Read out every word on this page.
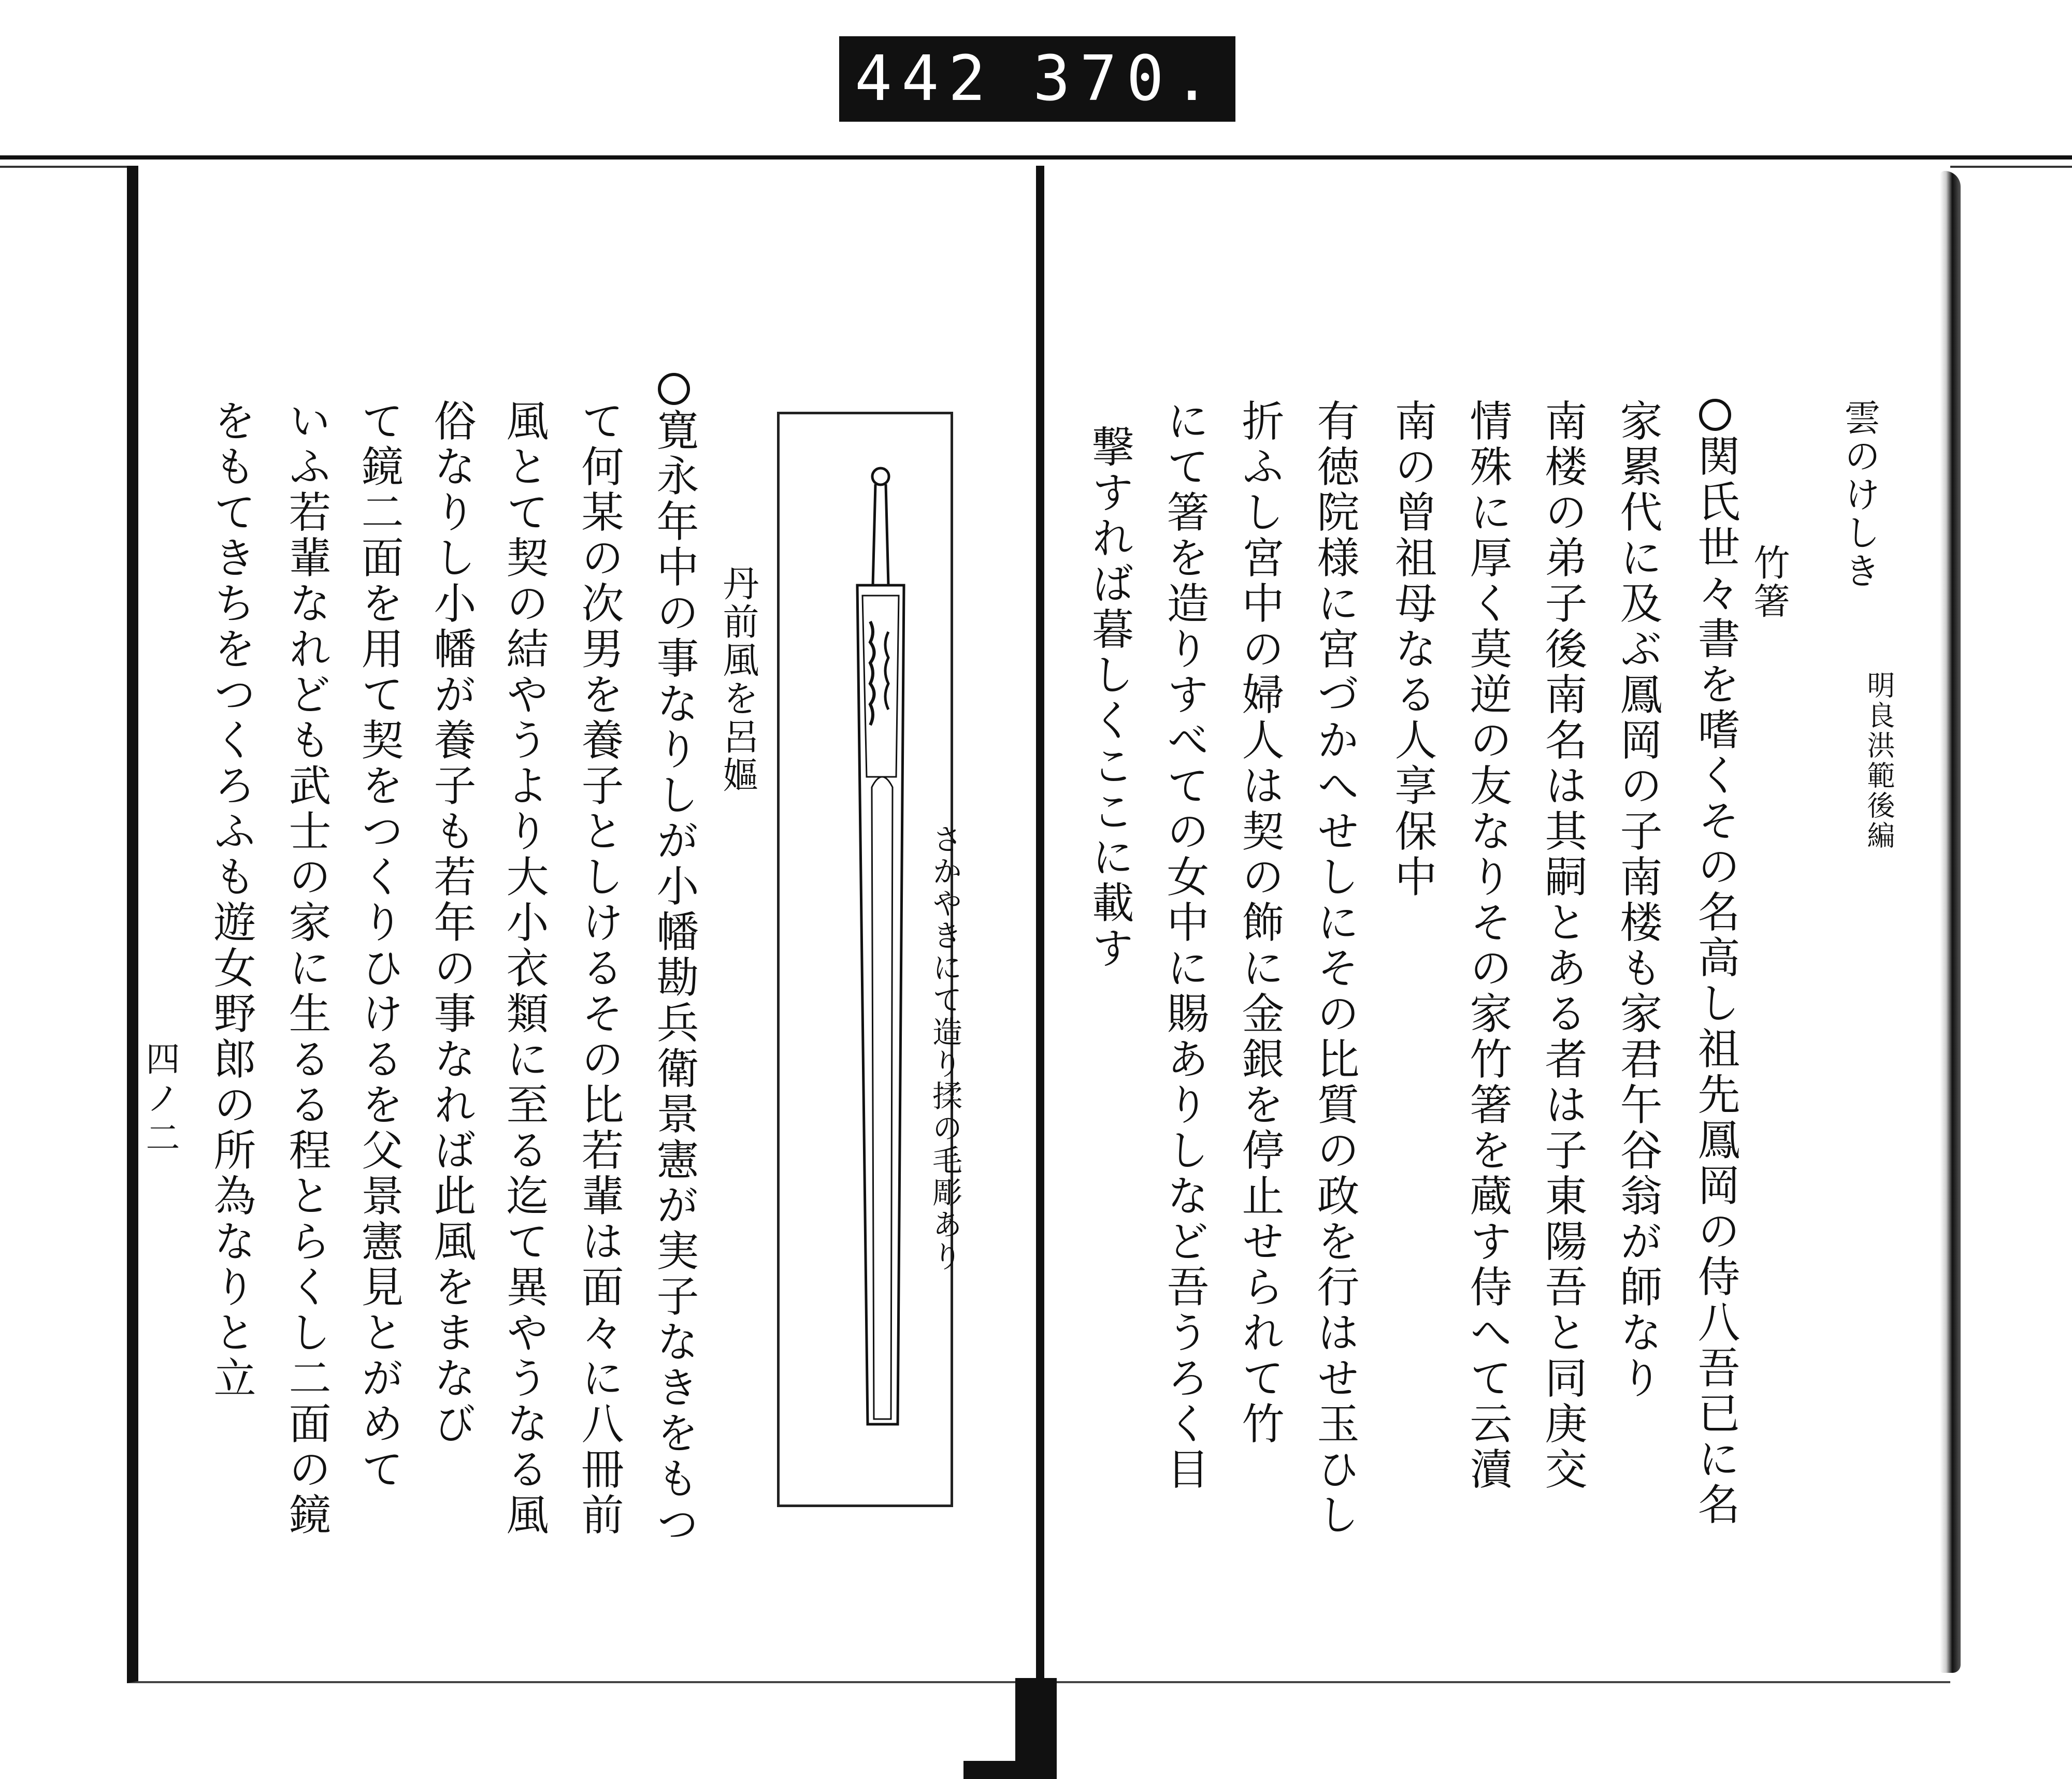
442 370.
雲のけしき
明良洪範後編
竹箸
関氏世々書を嗜くその名高し祖先鳳岡の侍八吾已に名
家累代に及ぶ鳳岡の子南楼も家君午谷翁が師なり
南楼の弟子後南名は其嗣とある者は子東陽吾と同庚交
情殊に厚く莫逆の友なりその家竹箸を蔵す侍へて云瀆
南の曾祖母なる人享保中
有徳院様に宮づかへせしにその比質の政を行はせ玉ひし
折ふし宮中の婦人は契の飾に金銀を停止せられて竹
にて箸を造りすべての女中に賜ありしなど吾うろく目
撃すれば暮しくここに載す
さかやきにて造り揉の毛彫あり
丹前風を呂嫗
寛永年中の事なりしが小幡勘兵衛景憲が実子なきをもつ
て何某の次男を養子としけるその比若輩は面々に八冊前
風とて契の結やうより大小衣類に至る迄て異やうなる風
俗なりし小幡が養子も若年の事なれば此風をまなび
て鏡二面を用て契をつくりひけるを父景憲見とがめて
いふ若輩なれども武士の家に生るる程とらくし二面の鏡
をもてきちをつくろふも遊女野郎の所為なりと立
四ノ二
